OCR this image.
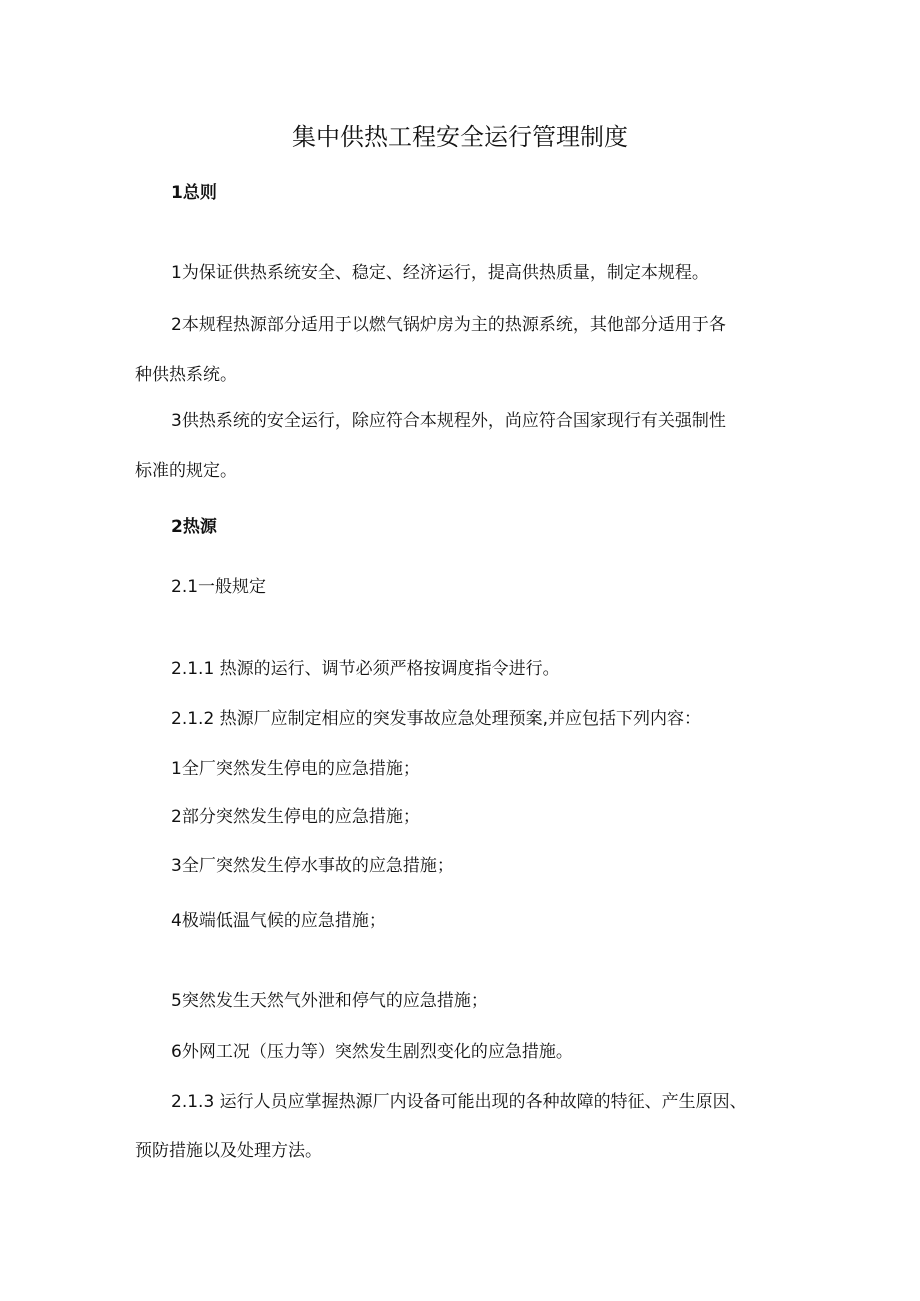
集中供热工程安全运行管理制度

1总则

1为保证供热系统安全、稳定、经济运行，提高供热质量，制定本规程。

2本规程热源部分适用于以燃气锅炉房为主的热源系统，其他部分适用于各

种供热系统。

3供热系统的安全运行，除应符合本规程外，尚应符合国家现行有关强制性

标准的规定。

2热源

2.1一般规定

2.1.1 热源的运行、调节必须严格按调度指令进行。

2.1.2 热源厂应制定相应的突发事故应急处理预案,并应包括下列内容：

1全厂突然发生停电的应急措施；

2部分突然发生停电的应急措施；

3全厂突然发生停水事故的应急措施；

4极端低温气候的应急措施；

5突然发生天然气外泄和停气的应急措施；

6外网工况（压力等）突然发生剧烈变化的应急措施。

2.1.3 运行人员应掌握热源厂内设备可能出现的各种故障的特征、产生原因、

预防措施以及处理方法。
